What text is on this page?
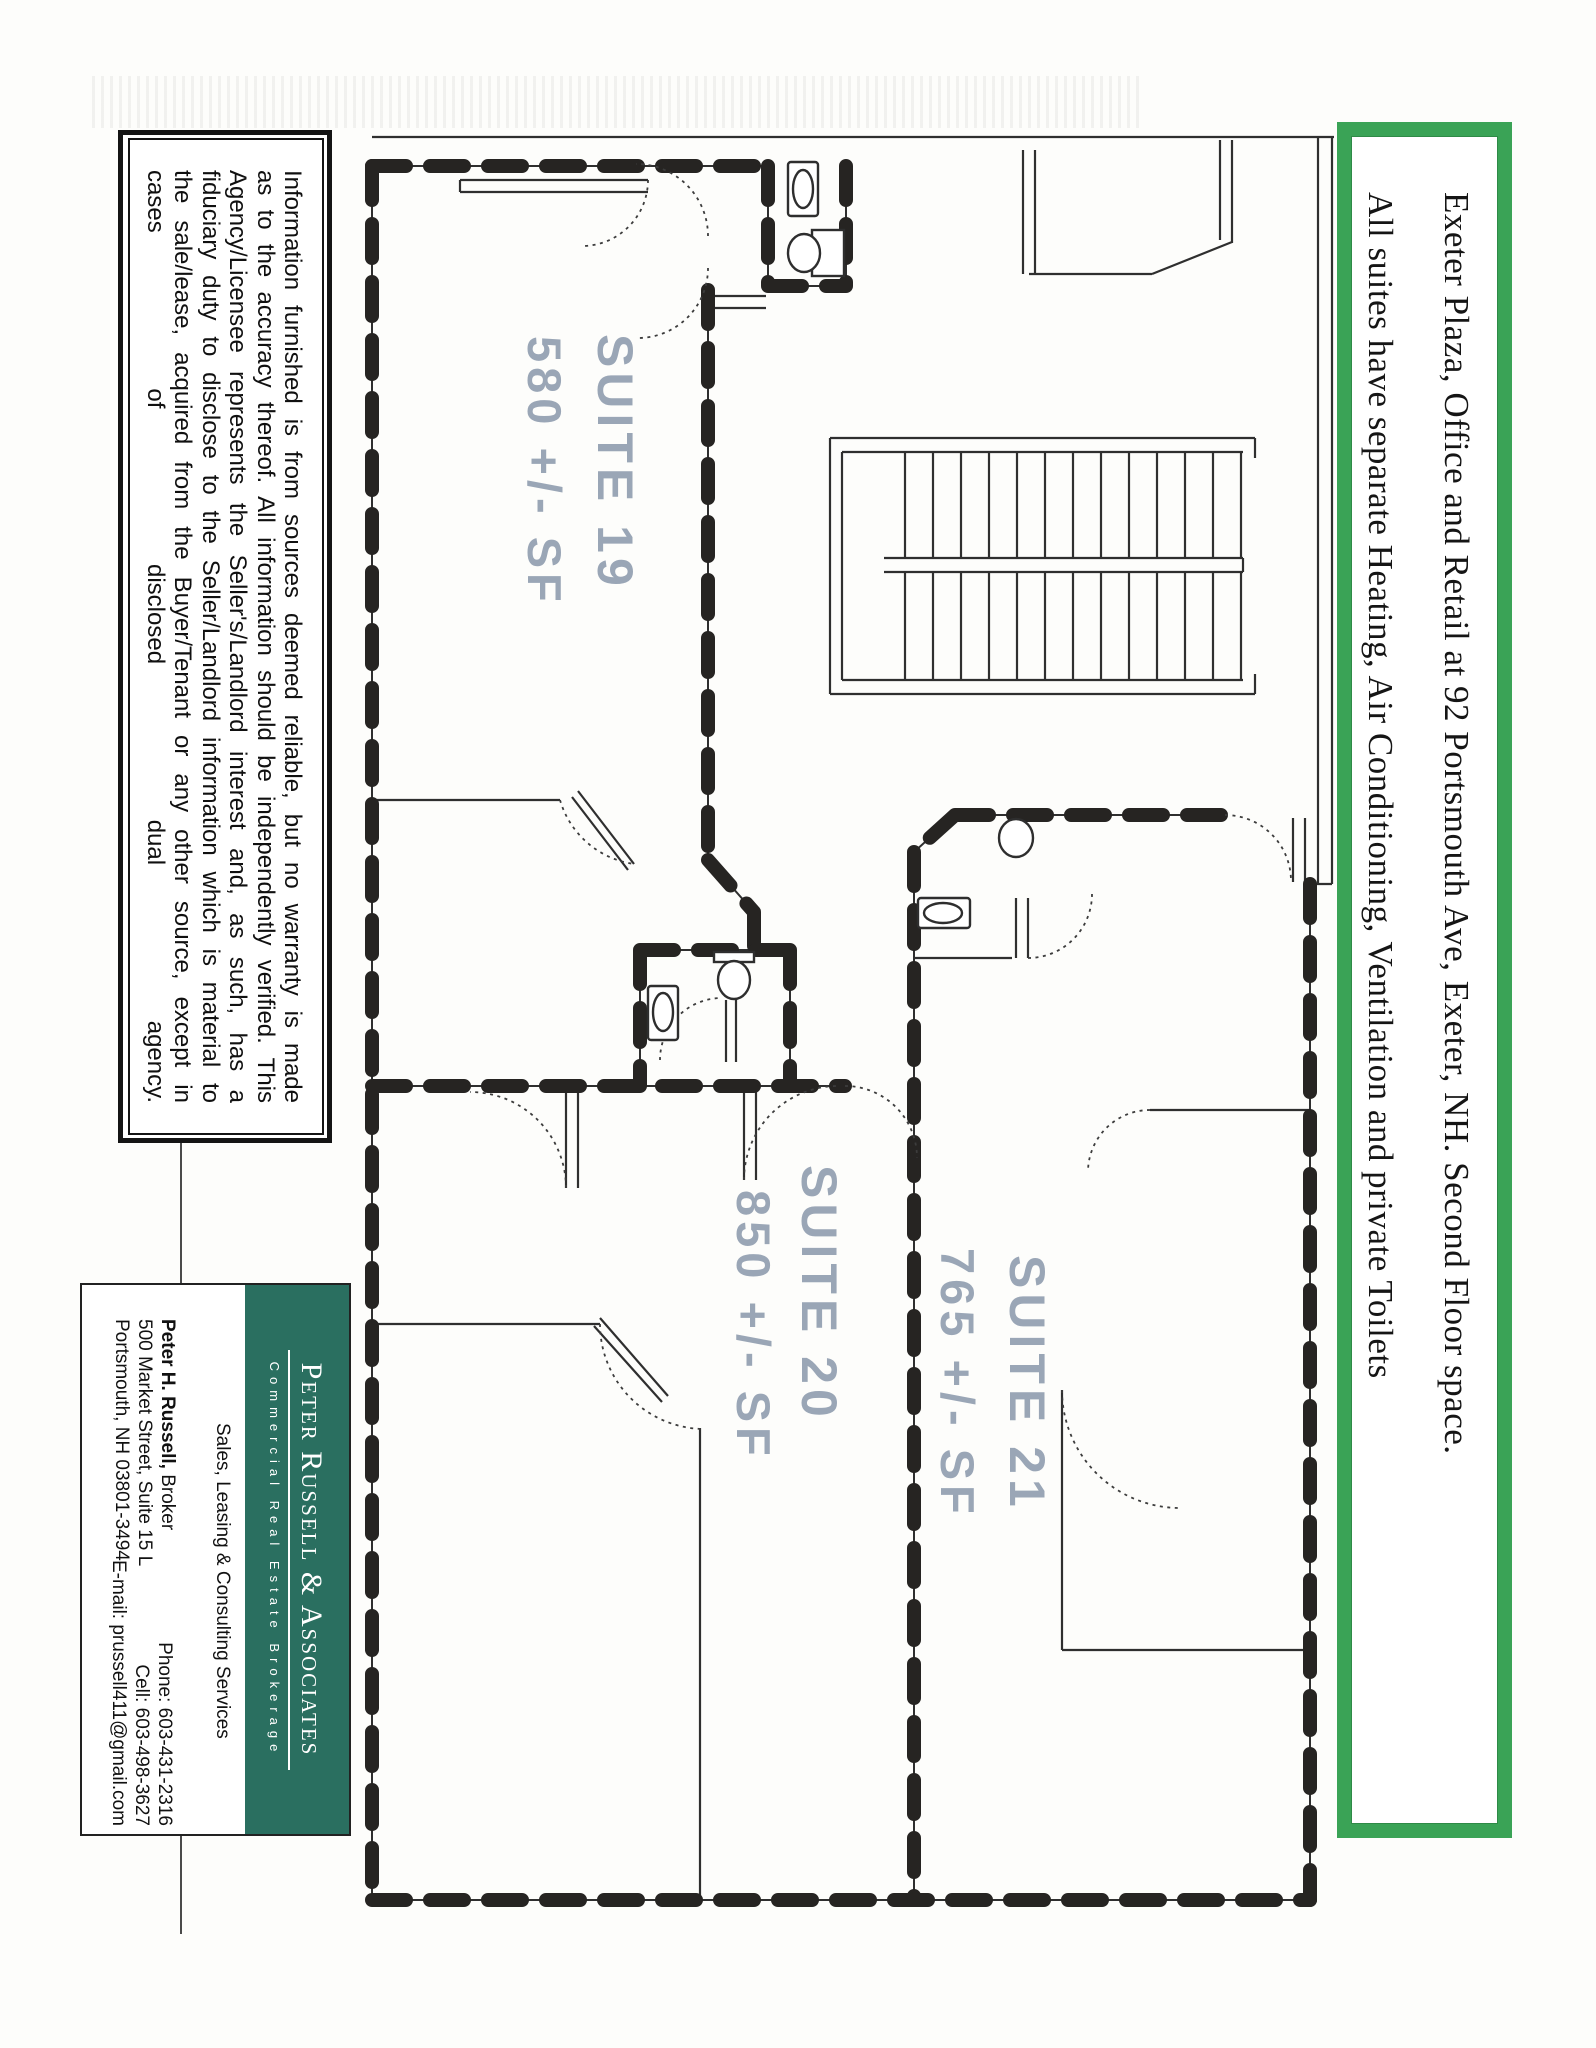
SUITE 19
580 +/- SF
SUITE 20
850 +/- SF	SUITE 21
765 +/- SF	Exeter Plaza, Office and Retail at 92 Portsmouth Ave, Exeter, NH. Second Floor space.
All suites have separate Heating, Air Conditioning, Ventilation and private Toilets
Information furnished is from sources deemed reliable, but no warranty is made
as to the accuracy thereof. All information should be independently verified. This
Agency/Licensee represents the Seller's/Landlord interest and, as such, has a
fiduciary duty to disclose to the Seller/Landlord information which is material to
the sale/lease, acquired from the Buyer/Tenant or any other source, except in
cases of disclosed dual agency.
Peter Russell & Associates
Commercial Real Estate Brokerage
Sales, Leasing & Consulting Services
Peter H. Russell, Broker
500 Market Street, Suite 15 L
Portsmouth, NH 03801-3494
Phone: 603-431-2316
Cell: 603-498-3627
E-mail: prussell411@gmail.com
